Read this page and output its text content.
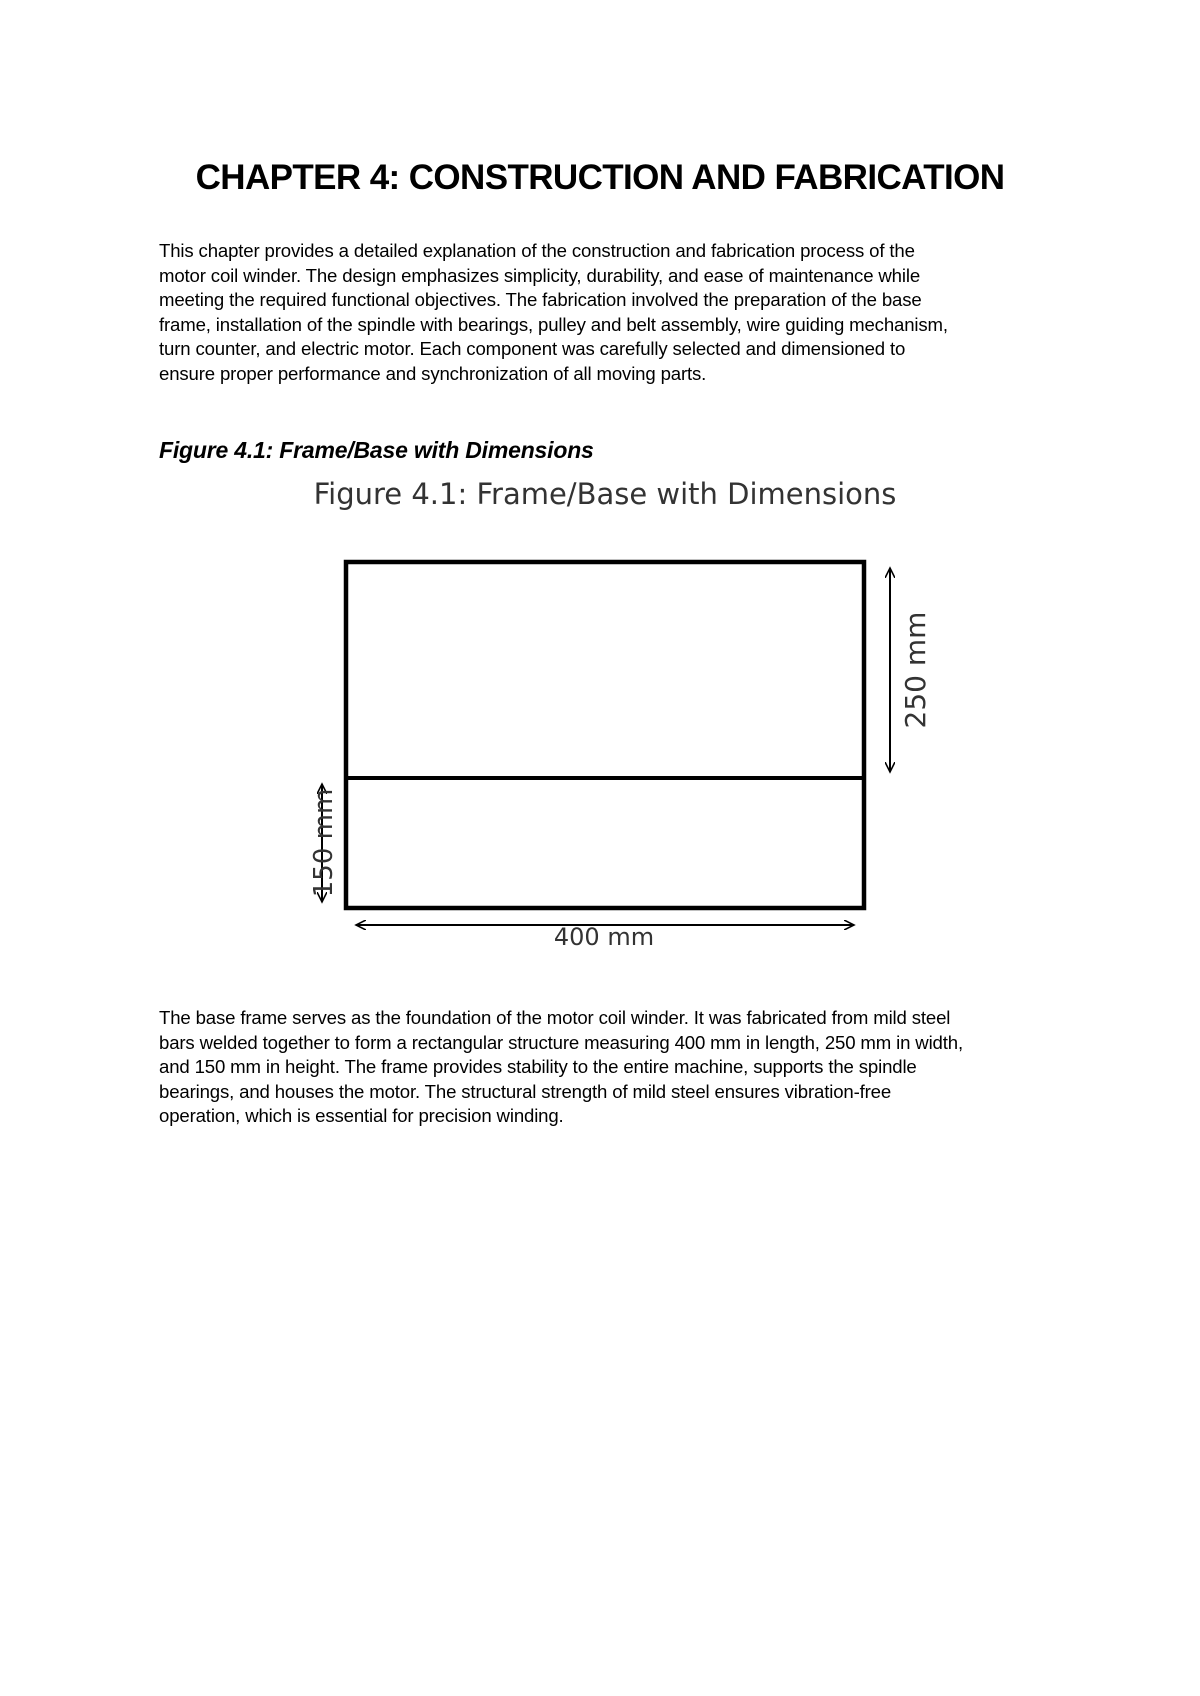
CHAPTER 4: CONSTRUCTION AND FABRICATION

This chapter provides a detailed explanation of the construction and fabrication process of the
motor coil winder. The design emphasizes simplicity, durability, and ease of maintenance while
meeting the required functional objectives. The fabrication involved the preparation of the base
frame, installation of the spindle with bearings, pulley and belt assembly, wire guiding mechanism,
turn counter, and electric motor. Each component was carefully selected and dimensioned to
ensure proper performance and synchronization of all moving parts.

Figure 4.1: Frame/Base with Dimensions
Figure 4.1: Frame/Base with Dimensions
250 mm
150 mm
400 mm

The base frame serves as the foundation of the motor coil winder. It was fabricated from mild steel
bars welded together to form a rectangular structure measuring 400 mm in length, 250 mm in width,
and 150 mm in height. The frame provides stability to the entire machine, supports the spindle
bearings, and houses the motor. The structural strength of mild steel ensures vibration-free
operation, which is essential for precision winding.
